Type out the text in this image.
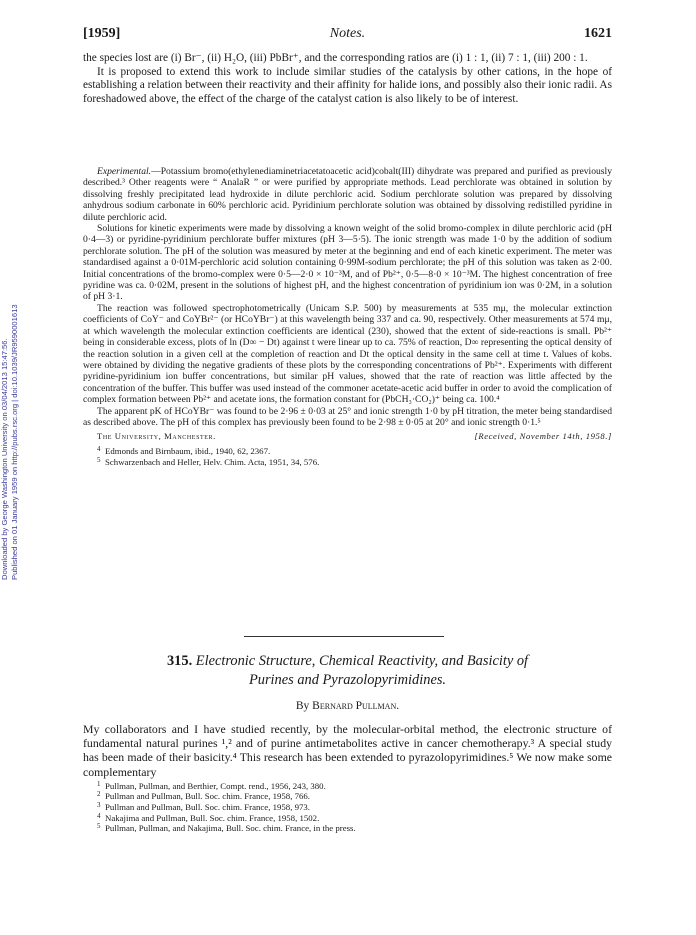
Downloaded by George Washington University on 03/04/2013 15:47:56. Published on 01 January 1959 on http://pubs.rsc.org | doi:10.1039/JR9590001613
[1959]	Notes.	1621

the species lost are (i) Br⁻, (ii) H₂O, (iii) PbBr⁺, and the corresponding ratios are (i) 1 : 1, (ii) 7 : 1, (iii) 200 : 1.

It is proposed to extend this work to include similar studies of the catalysis by other cations, in the hope of establishing a relation between their reactivity and their affinity for halide ions, and possibly also their ionic radii. As foreshadowed above, the effect of the charge of the catalyst cation is also likely to be of interest.

Experimental.—Potassium bromo(ethylenediaminetriacetatoacetic acid)cobalt(III) dihydrate was prepared and purified as previously described.³ Other reagents were “ AnalaR ” or were purified by appropriate methods. Lead perchlorate was obtained in solution by dissolving freshly precipitated lead hydroxide in dilute perchloric acid. Sodium perchlorate solution was prepared by dissolving anhydrous sodium carbonate in 60% perchloric acid. Pyridinium perchlorate solution was obtained by dissolving redistilled pyridine in dilute perchloric acid.

Solutions for kinetic experiments were made by dissolving a known weight of the solid bromo-complex in dilute perchloric acid (pH 0·4—3) or pyridine-pyridinium perchlorate buffer mixtures (pH 3—5·5). The ionic strength was made 1·0 by the addition of sodium perchlorate solution. The pH of the solution was measured by meter at the beginning and end of each kinetic experiment. The meter was standardised against a 0·01M-perchloric acid solution containing 0·99M-sodium perchlorate; the pH of this solution was taken as 2·00. Initial concentrations of the bromo-complex were 0·5—2·0 × 10⁻³M, and of Pb²⁺, 0·5—8·0 × 10⁻³M. The highest concentration of free pyridine was ca. 0·02M, present in the solutions of highest pH, and the highest concentration of pyridinium ion was 0·2M, in a solution of pH 3·1.

The reaction was followed spectrophotometrically (Unicam S.P. 500) by measurements at 535 mμ, the molecular extinction coefficients of CoY⁻ and CoYBr²⁻ (or HCoYBr⁻) at this wavelength being 337 and ca. 90, respectively. Other measurements at 574 mμ, at which wavelength the molecular extinction coefficients are identical (230), showed that the extent of side-reactions is small. Pb²⁺ being in considerable excess, plots of ln (D∞ − Dt) against t were linear up to ca. 75% of reaction, D∞ representing the optical density of the reaction solution in a given cell at the completion of reaction and Dt the optical density in the same cell at time t. Values of kobs. were obtained by dividing the negative gradients of these plots by the corresponding concentrations of Pb²⁺. Experiments with different pyridine-pyridinium ion buffer concentrations, but similar pH values, showed that the rate of reaction was little affected by the concentration of the buffer. This buffer was used instead of the commoner acetate-acetic acid buffer in order to avoid the complication of complex formation between Pb²⁺ and acetate ions, the formation constant for (PbCH₃·CO₂)⁺ being ca. 100.⁴

The apparent pK of HCoYBr⁻ was found to be 2·96 ± 0·03 at 25° and ionic strength 1·0 by pH titration, the meter being standardised as described above. The pH of this complex has previously been found to be 2·98 ± 0·05 at 20° and ionic strength 0·1.⁵

The University, Manchester.	[Received, November 14th, 1958.]
4 Edmonds and Birnbaum, ibid., 1940, 62, 2367.
5 Schwarzenbach and Heller, Helv. Chim. Acta, 1951, 34, 576.
315. Electronic Structure, Chemical Reactivity, and Basicity of
Purines and Pyrazolopyrimidines.
By Bernard Pullman.

My collaborators and I have studied recently, by the molecular-orbital method, the electronic structure of fundamental natural purines ¹,² and of purine antimetabolites active in cancer chemotherapy.³ A special study has been made of their basicity.⁴ This research has been extended to pyrazolopyrimidines.⁵ We now make some complementary

1 Pullman, Pullman, and Berthier, Compt. rend., 1956, 243, 380.
2 Pullman and Pullman, Bull. Soc. chim. France, 1958, 766.
3 Pullman and Pullman, Bull. Soc. chim. France, 1958, 973.
4 Nakajima and Pullman, Bull. Soc. chim. France, 1958, 1502.
5 Pullman, Pullman, and Nakajima, Bull. Soc. chim. France, in the press.
